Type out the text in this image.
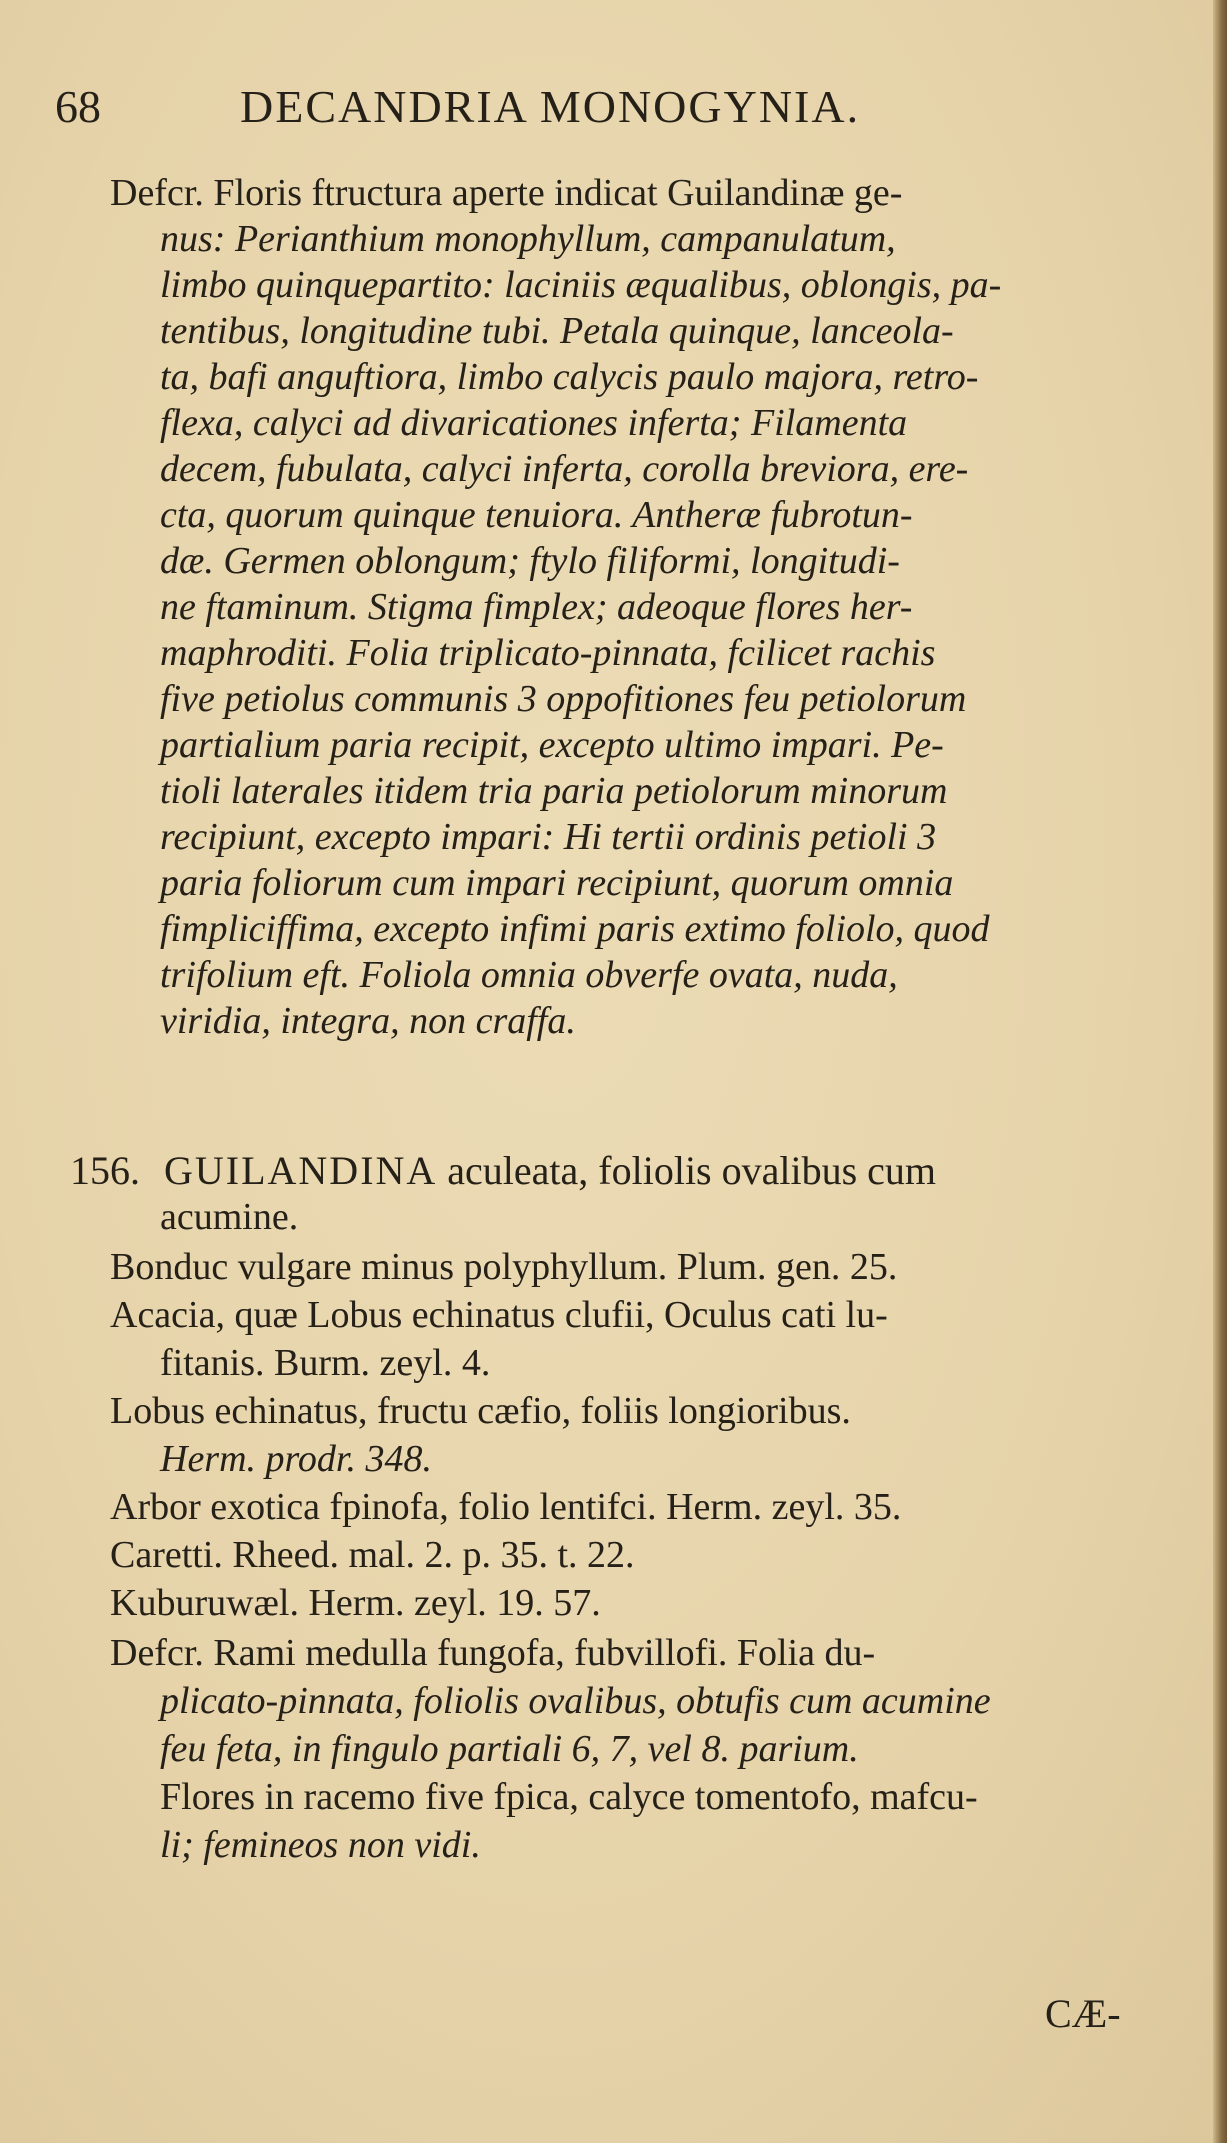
68	DECANDRIA MONOGYNIA.
Defcr. Floris ftructura aperte indicat Guilandinæ ge-
nus: Perianthium monophyllum, campanulatum,
limbo quinquepartito: laciniis æqualibus, oblongis, pa-
tentibus, longitudine tubi. Petala quinque, lanceola-
ta, bafi anguftiora, limbo calycis paulo majora, retro-
flexa, calyci ad divaricationes inferta; Filamenta
decem, fubulata, calyci inferta, corolla breviora, ere-
cta, quorum quinque tenuiora. Antheræ fubrotun-
dæ. Germen oblongum; ftylo filiformi, longitudi-
ne ftaminum. Stigma fimplex; adeoque flores her-
maphroditi. Folia triplicato-pinnata, fcilicet rachis
five petiolus communis 3 oppofitiones feu petiolorum
partialium paria recipit, excepto ultimo impari. Pe-
tioli laterales itidem tria paria petiolorum minorum
recipiunt, excepto impari: Hi tertii ordinis petioli 3
paria foliorum cum impari recipiunt, quorum omnia
fimpliciffima, excepto infimi paris extimo foliolo, quod
trifolium eft. Foliola omnia obverfe ovata, nuda,
viridia, integra, non craffa.
156. GUILANDINA aculeata, foliolis ovalibus cum
acumine.
Bonduc vulgare minus polyphyllum. Plum. gen. 25.
Acacia, quæ Lobus echinatus clufii, Oculus cati lu-
fitanis. Burm. zeyl. 4.
Lobus echinatus, fructu cæfio, foliis longioribus.
Herm. prodr. 348.
Arbor exotica fpinofa, folio lentifci. Herm. zeyl. 35.
Caretti. Rheed. mal. 2. p. 35. t. 22.
Kuburuwæl. Herm. zeyl. 19. 57.
Defcr. Rami medulla fungofa, fubvillofi. Folia du-
plicato-pinnata, foliolis ovalibus, obtufis cum acumine
feu feta, in fingulo partiali 6, 7, vel 8. parium.
Flores in racemo five fpica, calyce tomentofo, mafcu-
li; femineos non vidi.
CÆ-
